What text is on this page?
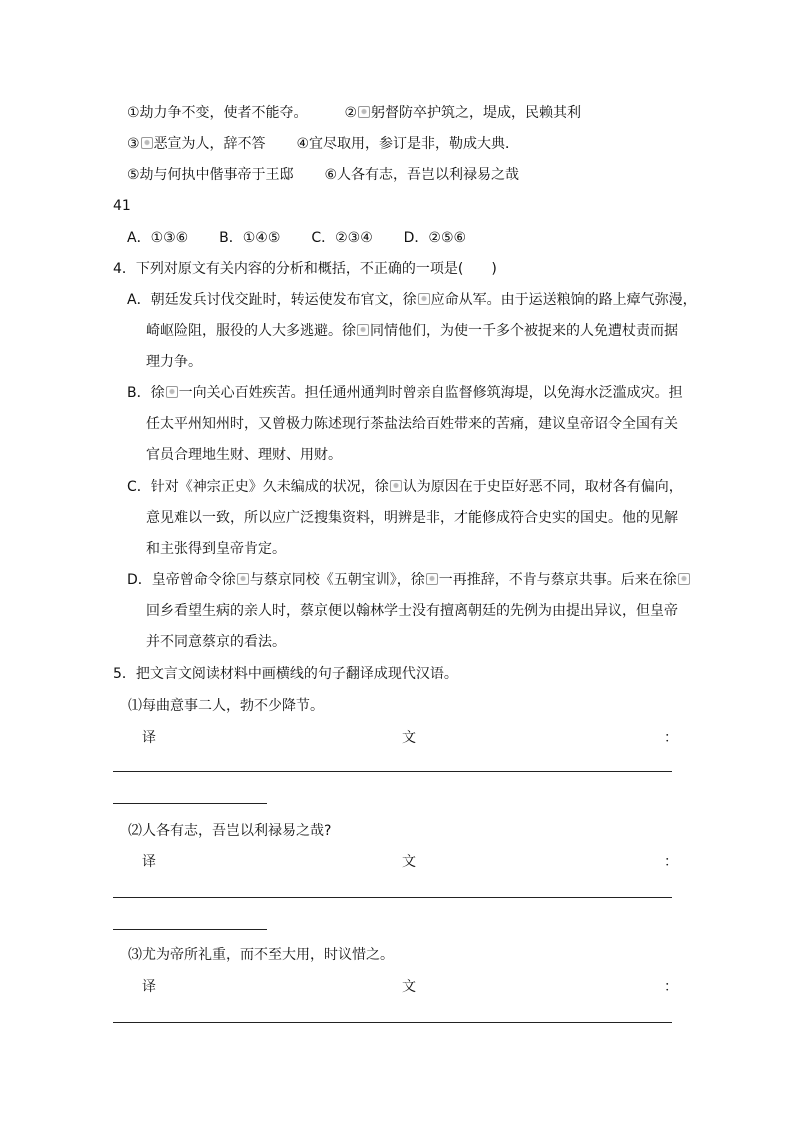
①劫力争不变，使者不能夺。	② 躬督防卒护筑之，堤成，民赖其利
③ 恶宣为人，辞不答 ④宜尽取用，参订是非，勒成大典．
⑤劫与何执中偕事帝于王邸 ⑥人各有志，吾岂以利禄易之哉
41
A．①③⑥ B．①④⑤ C．②③④ D．②⑤⑥
4．下列对原文有关内容的分析和概括，不正确的一项是(　　)
A．朝廷发兵讨伐交趾时，转运使发布官文，徐 应命从军。由于运送粮饷的路上瘴气弥漫，
崎岖险阻，服役的人大多逃避。徐 同情他们，为使一千多个被捉来的人免遭杖责而据
理力争。
B．徐 一向关心百姓疾苦。担任通州通判时曾亲自监督修筑海堤，以免海水泛滥成灾。担
任太平州知州时，又曾极力陈述现行茶盐法给百姓带来的苦痛，建议皇帝诏令全国有关
官员合理地生财、理财、用财。
C．针对《神宗正史》久未编成的状况，徐 认为原因在于史臣好恶不同，取材各有偏向，
意见难以一致，所以应广泛搜集资料，明辨是非，才能修成符合史实的国史。他的见解
和主张得到皇帝肯定。
D．皇帝曾命令徐 与蔡京同校《五朝宝训》，徐 一再推辞，不肯与蔡京共事。后来在徐
回乡看望生病的亲人时，蔡京便以翰林学士没有擅离朝廷的先例为由提出异议，但皇帝
并不同意蔡京的看法。
5．把文言文阅读材料中画横线的句子翻译成现代汉语。
⑴每曲意事二人，勃不少降节。
译	文	：
⑵人各有志，吾岂以利禄易之哉?
译	文	：
⑶尤为帝所礼重，而不至大用，时议惜之。
译	文	：
